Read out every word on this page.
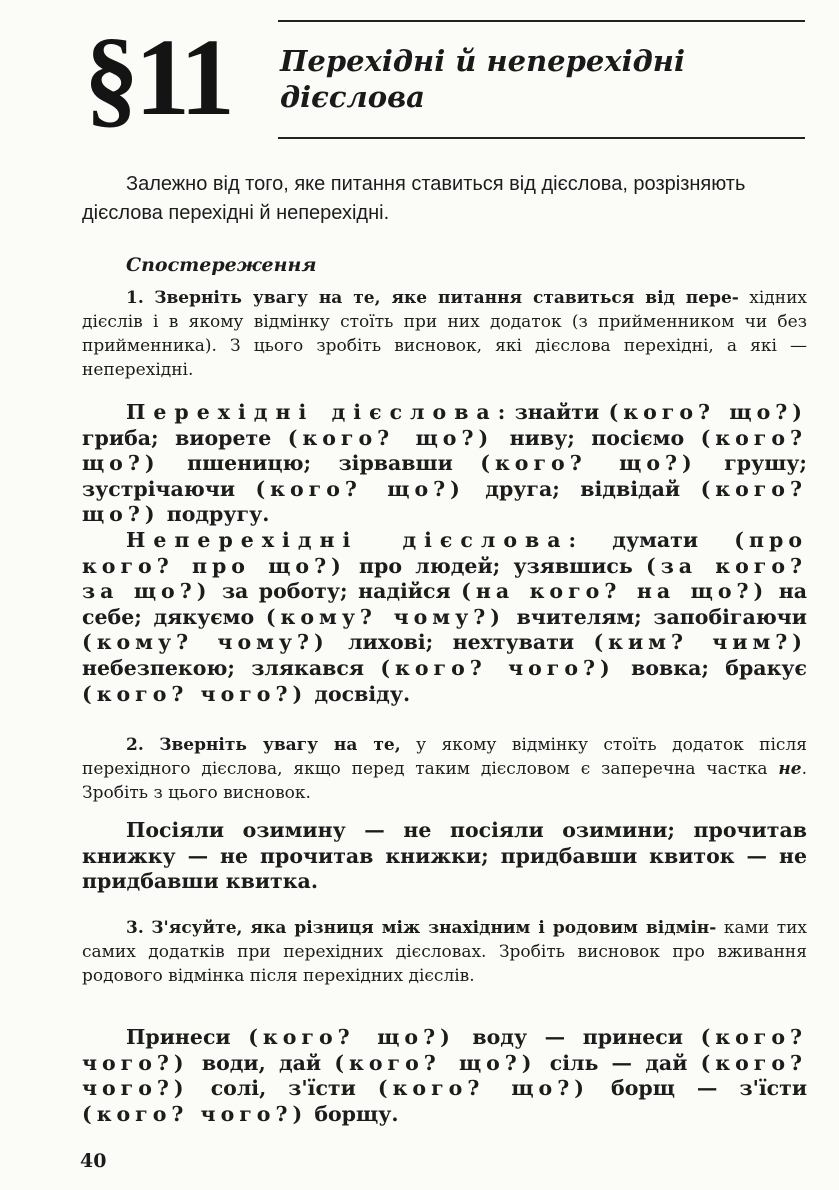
§11 Перехідні й неперехідні
дієслова

Залежно від того, яке питання ставиться від дієслова, розрізняють дієслова перехідні й неперехідні.

Спостереження

1. Зверніть увагу на те, яке питання ставиться від пере- хідних дієслів і в якому відмінку стоїть при них додаток (з прийменником чи без прийменника). З цього зробіть висновок, які дієслова перехідні, а які — неперехідні.

Перехідні дієслова: знайти (кого? що?) гриба; виорете (кого? що?) ниву; посіємо (кого? що?) пшеницю; зірвавши (кого? що?) грушу; зустрічаючи (кого? що?) друга; відвідай (кого? що?) подругу.

Неперехідні дієслова: думати (про кого? про що?) про людей; узявшись (за кого? за що?) за роботу; надійся (на кого? на що?) на себе; дякуємо (кому? чому?) вчителям; запобігаючи (кому? чому?) лихові; нехтувати (ким? чим?) небезпекою; злякався (кого? чого?) вовка; бракує (кого? чого?) досвіду.

2. Зверніть увагу на те, у якому відмінку стоїть додаток після перехідного дієслова, якщо перед таким дієсловом є заперечна частка не. Зробіть з цього висновок.

Посіяли озимину — не посіяли озимини; прочитав книжку — не прочитав книжки; придбавши квиток — не придбавши квитка.

3. З'ясуйте, яка різниця між знахідним і родовим відмін- ками тих самих додатків при перехідних дієсловах. Зробіть висновок про вживання родового відмінка після перехідних дієслів.

Принеси (кого? що?) воду — принеси (кого? чого?) води, дай (кого? що?) сіль — дай (кого? чого?) солі, з'їсти (кого? що?) борщ — з'їсти (кого? чого?) борщу.

40
